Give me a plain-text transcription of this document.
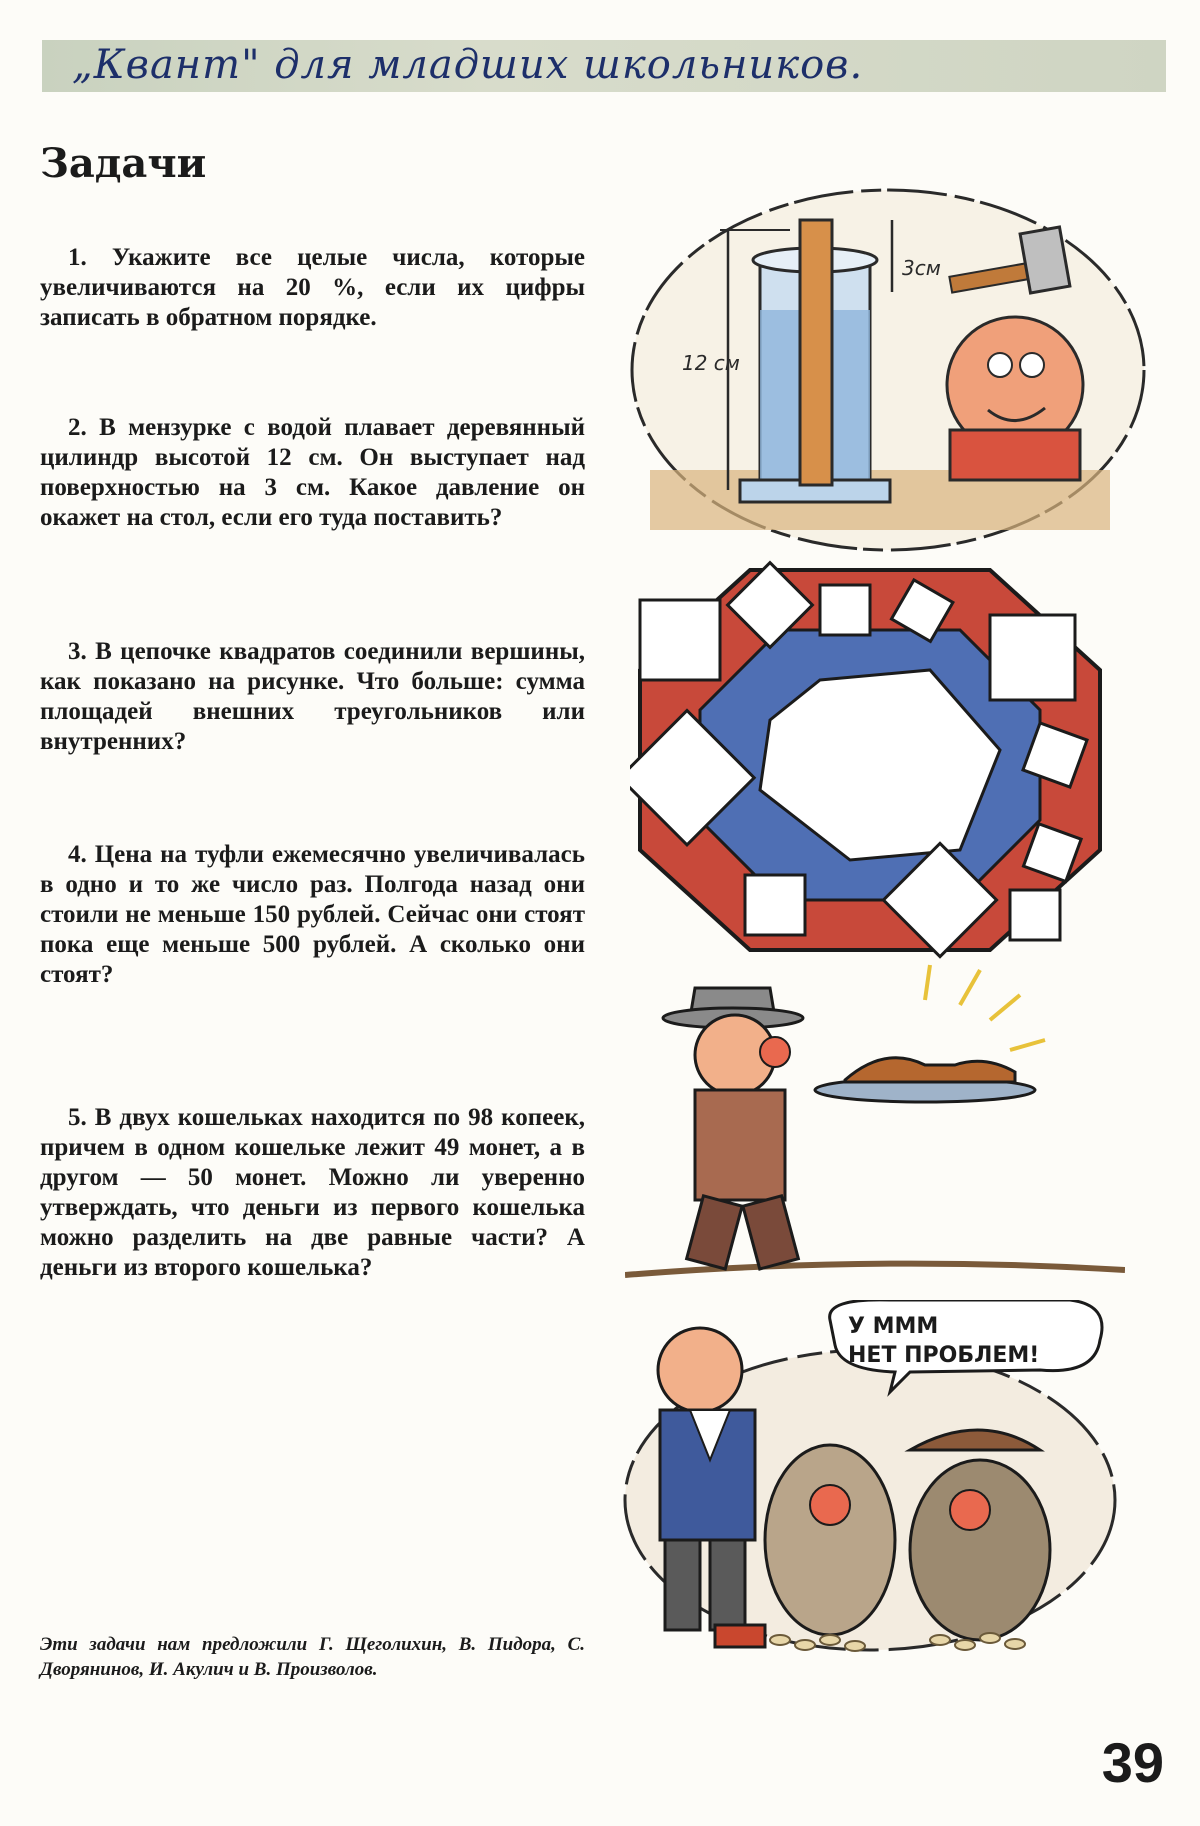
„Квант" для младших школьников.
Задачи
1. Укажите все целые числа, которые увеличиваются на 20 %, если их цифры записать в обратном порядке.
2. В мензурке с водой плавает деревянный цилиндр высотой 12 см. Он выступает над поверхностью на 3 см. Какое давление он окажет на стол, если его туда поставить?
3. В цепочке квадратов соединили вершины, как показано на рисунке. Что больше: сумма площадей внешних треугольников или внутренних?
4. Цена на туфли ежемесячно увеличивалась в одно и то же число раз. Полгода назад они стоили не меньше 150 рублей. Сейчас они стоят пока еще меньше 500 рублей. А сколько они стоят?
5. В двух кошельках находится по 98 копеек, причем в одном кошельке лежит 49 монет, а в другом — 50 монет. Можно ли уверенно утверждать, что деньги из первого кошелька можно разделить на две равные части? А деньги из второго кошелька?
Эти задачи нам предложили Г. Щеголихин, В. Пидора, С. Дворянинов, И. Акулич и В. Произволов.
39
12 см
3см
У МММ
НЕТ ПРОБЛЕМ!
